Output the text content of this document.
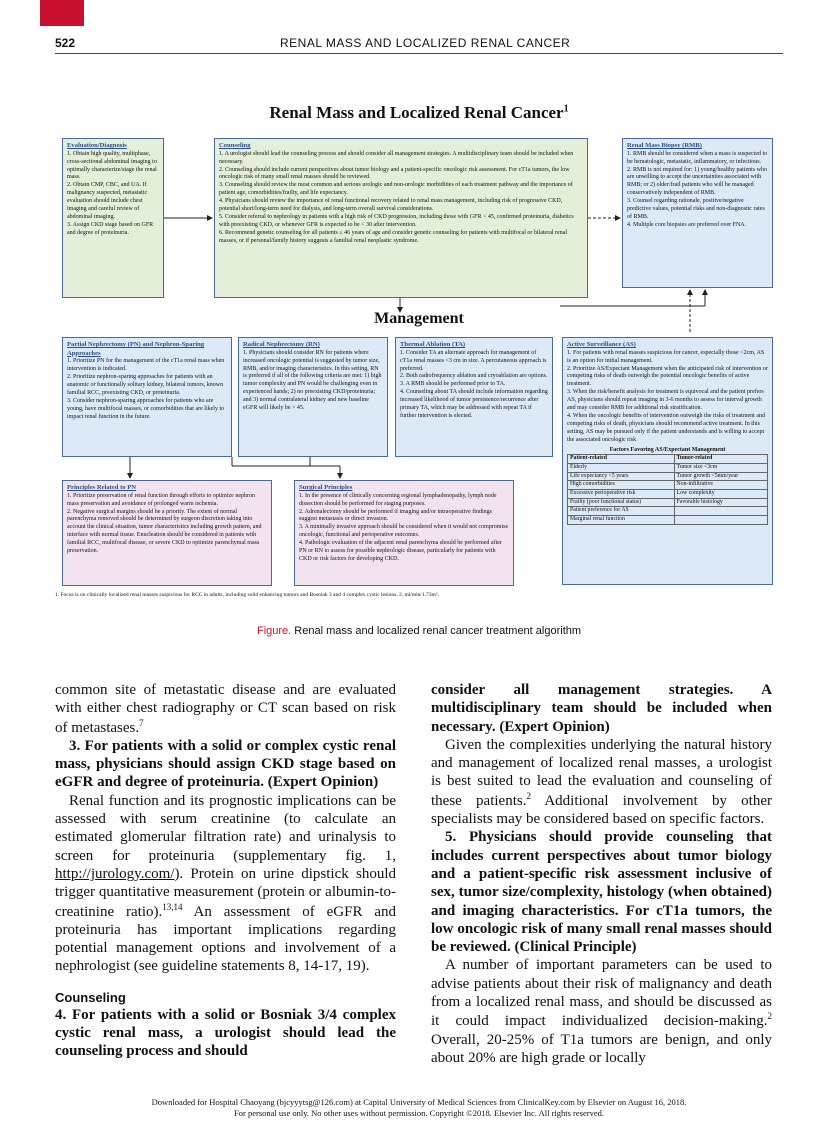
522	RENAL MASS AND LOCALIZED RENAL CANCER
Renal Mass and Localized Renal Cancer$^1$
Evaluation/Diagnosis

1. Obtain high quality, multiphase, cross-sectional abdominal imaging to optimally characterize/stage the renal mass.

2. Obtain CMP, CBC, and UA. If malignancy suspected, metastatic evaluation should include chest imaging and careful review of abdominal imaging.

3. Assign CKD stage based on GFR and degree of proteinuria.

Counseling

1. A urologist should lead the counseling process and should consider all management strategies. A multidisciplinary team should be included when necessary.

2. Counseling should include current perspectives about tumor biology and a patient-specific oncologic risk assessment. For cT1a tumors, the low oncologic risk of many small renal masses should be reviewed.

3. Counseling should review the most common and serious urologic and non-urologic morbidities of each treatment pathway and the importance of patient age, comorbidities/frailty, and life expectancy.

4. Physicians should review the importance of renal functional recovery related to renal mass management, including risk of progressive CKD, potential short/long-term need for dialysis, and long-term overall survival considerations.

5. Consider referral to nephrology in patients with a high risk of CKD progression, including those with GFR < 45, confirmed proteinuria, diabetics with preexisting CKD, or whenever GFR is expected to be < 30 after intervention.

6. Recommend genetic counseling for all patients ≤ 46 years of age and consider genetic counseling for patients with multifocal or bilateral renal masses, or if personal/family history suggests a familial renal neoplastic syndrome.

Renal Mass Biopsy (RMB)

1. RMB should be considered when a mass is suspected to be hematologic, metastatic, inflammatory, or infectious.

2. RMB is not required for: 1) young/healthy patients who are unwilling to accept the uncertainties associated with RMB; or 2) older/frail patients who will be managed conservatively independent of RMB.

3. Counsel regarding rationale, positive/negative predictive values, potential risks and non-diagnostic rates of RMB.

4. Multiple core biopsies are preferred over FNA.

Management
Partial Nephrectomy (PN) and Nephron-Sparing Approaches

1. Prioritize PN for the management of the cT1a renal mass when intervention is indicated.

2. Prioritize nephron-sparing approaches for patients with an anatomic or functionally solitary kidney, bilateral tumors, known familial RCC, preexisting CKD, or proteinuria.

3. Consider nephron-sparing approaches for patients who are young, have multifocal masses, or comorbidities that are likely to impact renal function in the future.

Radical Nephrectomy (RN)

1. Physicians should consider RN for patients where increased oncologic potential is suggested by tumor size, RMB, and/or imaging characteristics. In this setting, RN is preferred if all of the following criteria are met: 1) high tumor complexity and PN would be challenging even in experienced hands; 2) no preexisting CKD/proteinuria; and 3) normal contralateral kidney and new baseline eGFR will likely be > 45.

Thermal Ablation (TA)

1. Consider TA an alternate approach for management of cT1a renal masses <3 cm in size. A percutaneous approach is preferred.

2. Both radiofrequency ablation and cryoablation are options.

3. A RMB should be performed prior to TA.

4. Counseling about TA should include information regarding increased likelihood of tumor persistence/recurrence after primary TA, which may be addressed with repeat TA if further intervention is elected.

Active Surveillance (AS)

1. For patients with renal masses suspicious for cancer, especially those <2cm, AS is an option for initial management.

2. Prioritize AS/Expectant Management when the anticipated risk of intervention or competing risks of death outweigh the potential oncologic benefits of active treatment.

3. When the risk/benefit analysis for treatment is equivocal and the patient prefers AS, physicians should repeat imaging in 3-6 months to assess for interval growth and may consider RMB for additional risk stratification.

4. When the oncologic benefits of intervention outweigh the risks of treatment and competing risks of death, physicians should recommend active treatment. In this setting, AS may be pursued only if the patient understands and is willing to accept the associated oncologic risk

Factors Favoring AS/Expectant Management
Patient-related	Tumor-related
Elderly	Tumor size <3cm
Life expectancy <5 years	Tumor growth <5mm/year
High comorbidities	Non-infiltrative
Excessive perioperative risk	Low complexity
Frailty (poor functional status)	Favorable histology
Patient preference for AS	
Marginal renal function	
Principles Related to PN

1. Prioritize preservation of renal function through efforts to optimize nephron mass preservation and avoidance of prolonged warm ischemia.

2. Negative surgical margins should be a priority. The extent of normal parenchyma removed should be determined by surgeon discretion taking into account the clinical situation, tumor characteristics including growth pattern, and interface with normal tissue. Enucleation should be considered in patients with familial RCC, multifocal disease, or severe CKD to optimize parenchymal mass preservation.

Surgical Principles

1. In the presence of clinically concerning regional lymphadenopathy, lymph node dissection should be performed for staging purposes.

2. Adrenalectomy should be performed if imaging and/or intraoperative findings suggest metastasis or direct invasion.

3. A minimally invasive approach should be considered when it would not compromise oncologic, functional and perioperative outcomes.

4. Pathologic evaluation of the adjacent renal parenchyma should be performed after PN or RN to assess for possible nephrologic disease, particularly for patients with CKD or risk factors for developing CKD.

1. Focus is on clinically localized renal masses suspicious for RCC in adults, including solid enhancing tumors and Bosniak 3 and 4 complex cystic lesions. 2. ml/min/1.73m².
Figure. Renal mass and localized renal cancer treatment algorithm

common site of metastatic disease and are evaluated with either chest radiography or CT scan based on risk of metastases.$^7$

3. For patients with a solid or complex cystic renal mass, physicians should assign CKD stage based on eGFR and degree of proteinuria. (Expert Opinion)

Renal function and its prognostic implications can be assessed with serum creatinine (to calculate an estimated glomerular filtration rate) and urinalysis to screen for proteinuria (supplementary fig. 1, http://jurology.com/). Protein on urine dipstick should trigger quantitative measurement (protein or albumin-to-creatinine ratio).$^{13,14}$ An assessment of eGFR and proteinuria has important implications regarding potential management options and involvement of a nephrologist (see guideline statements 8, 14-17, 19).

Counseling

4. For patients with a solid or Bosniak 3/4 complex cystic renal mass, a urologist should lead the counseling process and should

consider all management strategies. A multidisciplinary team should be included when necessary. (Expert Opinion)

Given the complexities underlying the natural history and management of localized renal masses, a urologist is best suited to lead the evaluation and counseling of these patients.$^2$ Additional involvement by other specialists may be considered based on specific factors.

5. Physicians should provide counseling that includes current perspectives about tumor biology and a patient-specific risk assessment inclusive of sex, tumor size/complexity, histology (when obtained) and imaging characteristics. For cT1a tumors, the low oncologic risk of many small renal masses should be reviewed. (Clinical Principle)

A number of important parameters can be used to advise patients about their risk of malignancy and death from a localized renal mass, and should be discussed as it could impact individualized decision-making.$^2$ Overall, 20-25% of T1a tumors are benign, and only about 20% are high grade or locally

Downloaded for Hospital Chaoyang (bjcyyytsg@126.com) at Capital University of Medical Sciences from ClinicalKey.com by Elsevier on August 16, 2018.
For personal use only. No other uses without permission. Copyright ©2018. Elsevier Inc. All rights reserved.
